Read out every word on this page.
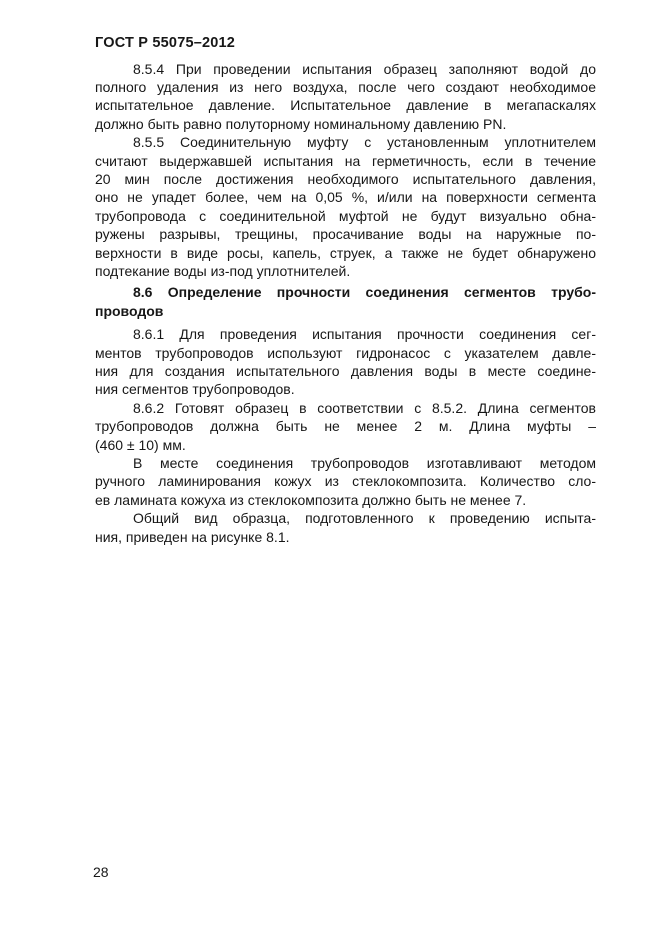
ГОСТ Р 55075–2012
8.5.4 При проведении испытания образец заполняют водой до
полного удаления из него воздуха, после чего создают необходимое
испытательное давление. Испытательное давление в мегапаскалях
должно быть равно полуторному номинальному давлению PN.
8.5.5 Соединительную муфту с установленным уплотнителем
считают выдержавшей испытания на герметичность, если в течение
20 мин после достижения необходимого испытательного давления,
оно не упадет более, чем на 0,05 %, и/или на поверхности сегмента
трубопровода с соединительной муфтой не будут визуально обна-
ружены разрывы, трещины, просачивание воды на наружные по-
верхности в виде росы, капель, струек, а также не будет обнаружено
подтекание воды из-под уплотнителей.
8.6 Определение прочности соединения сегментов трубо-
проводов
8.6.1 Для проведения испытания прочности соединения сег-
ментов трубопроводов используют гидронасос с указателем давле-
ния для создания испытательного давления воды в месте соедине-
ния сегментов трубопроводов.
8.6.2 Готовят образец в соответствии с 8.5.2. Длина сегментов
трубопроводов должна быть не менее 2 м. Длина муфты –
(460 ± 10) мм.
В месте соединения трубопроводов изготавливают методом
ручного ламинирования кожух из стеклокомпозита. Количество сло-
ев ламината кожуха из стеклокомпозита должно быть не менее 7.
Общий вид образца, подготовленного к проведению испыта-
ния, приведен на рисунке 8.1.
28
